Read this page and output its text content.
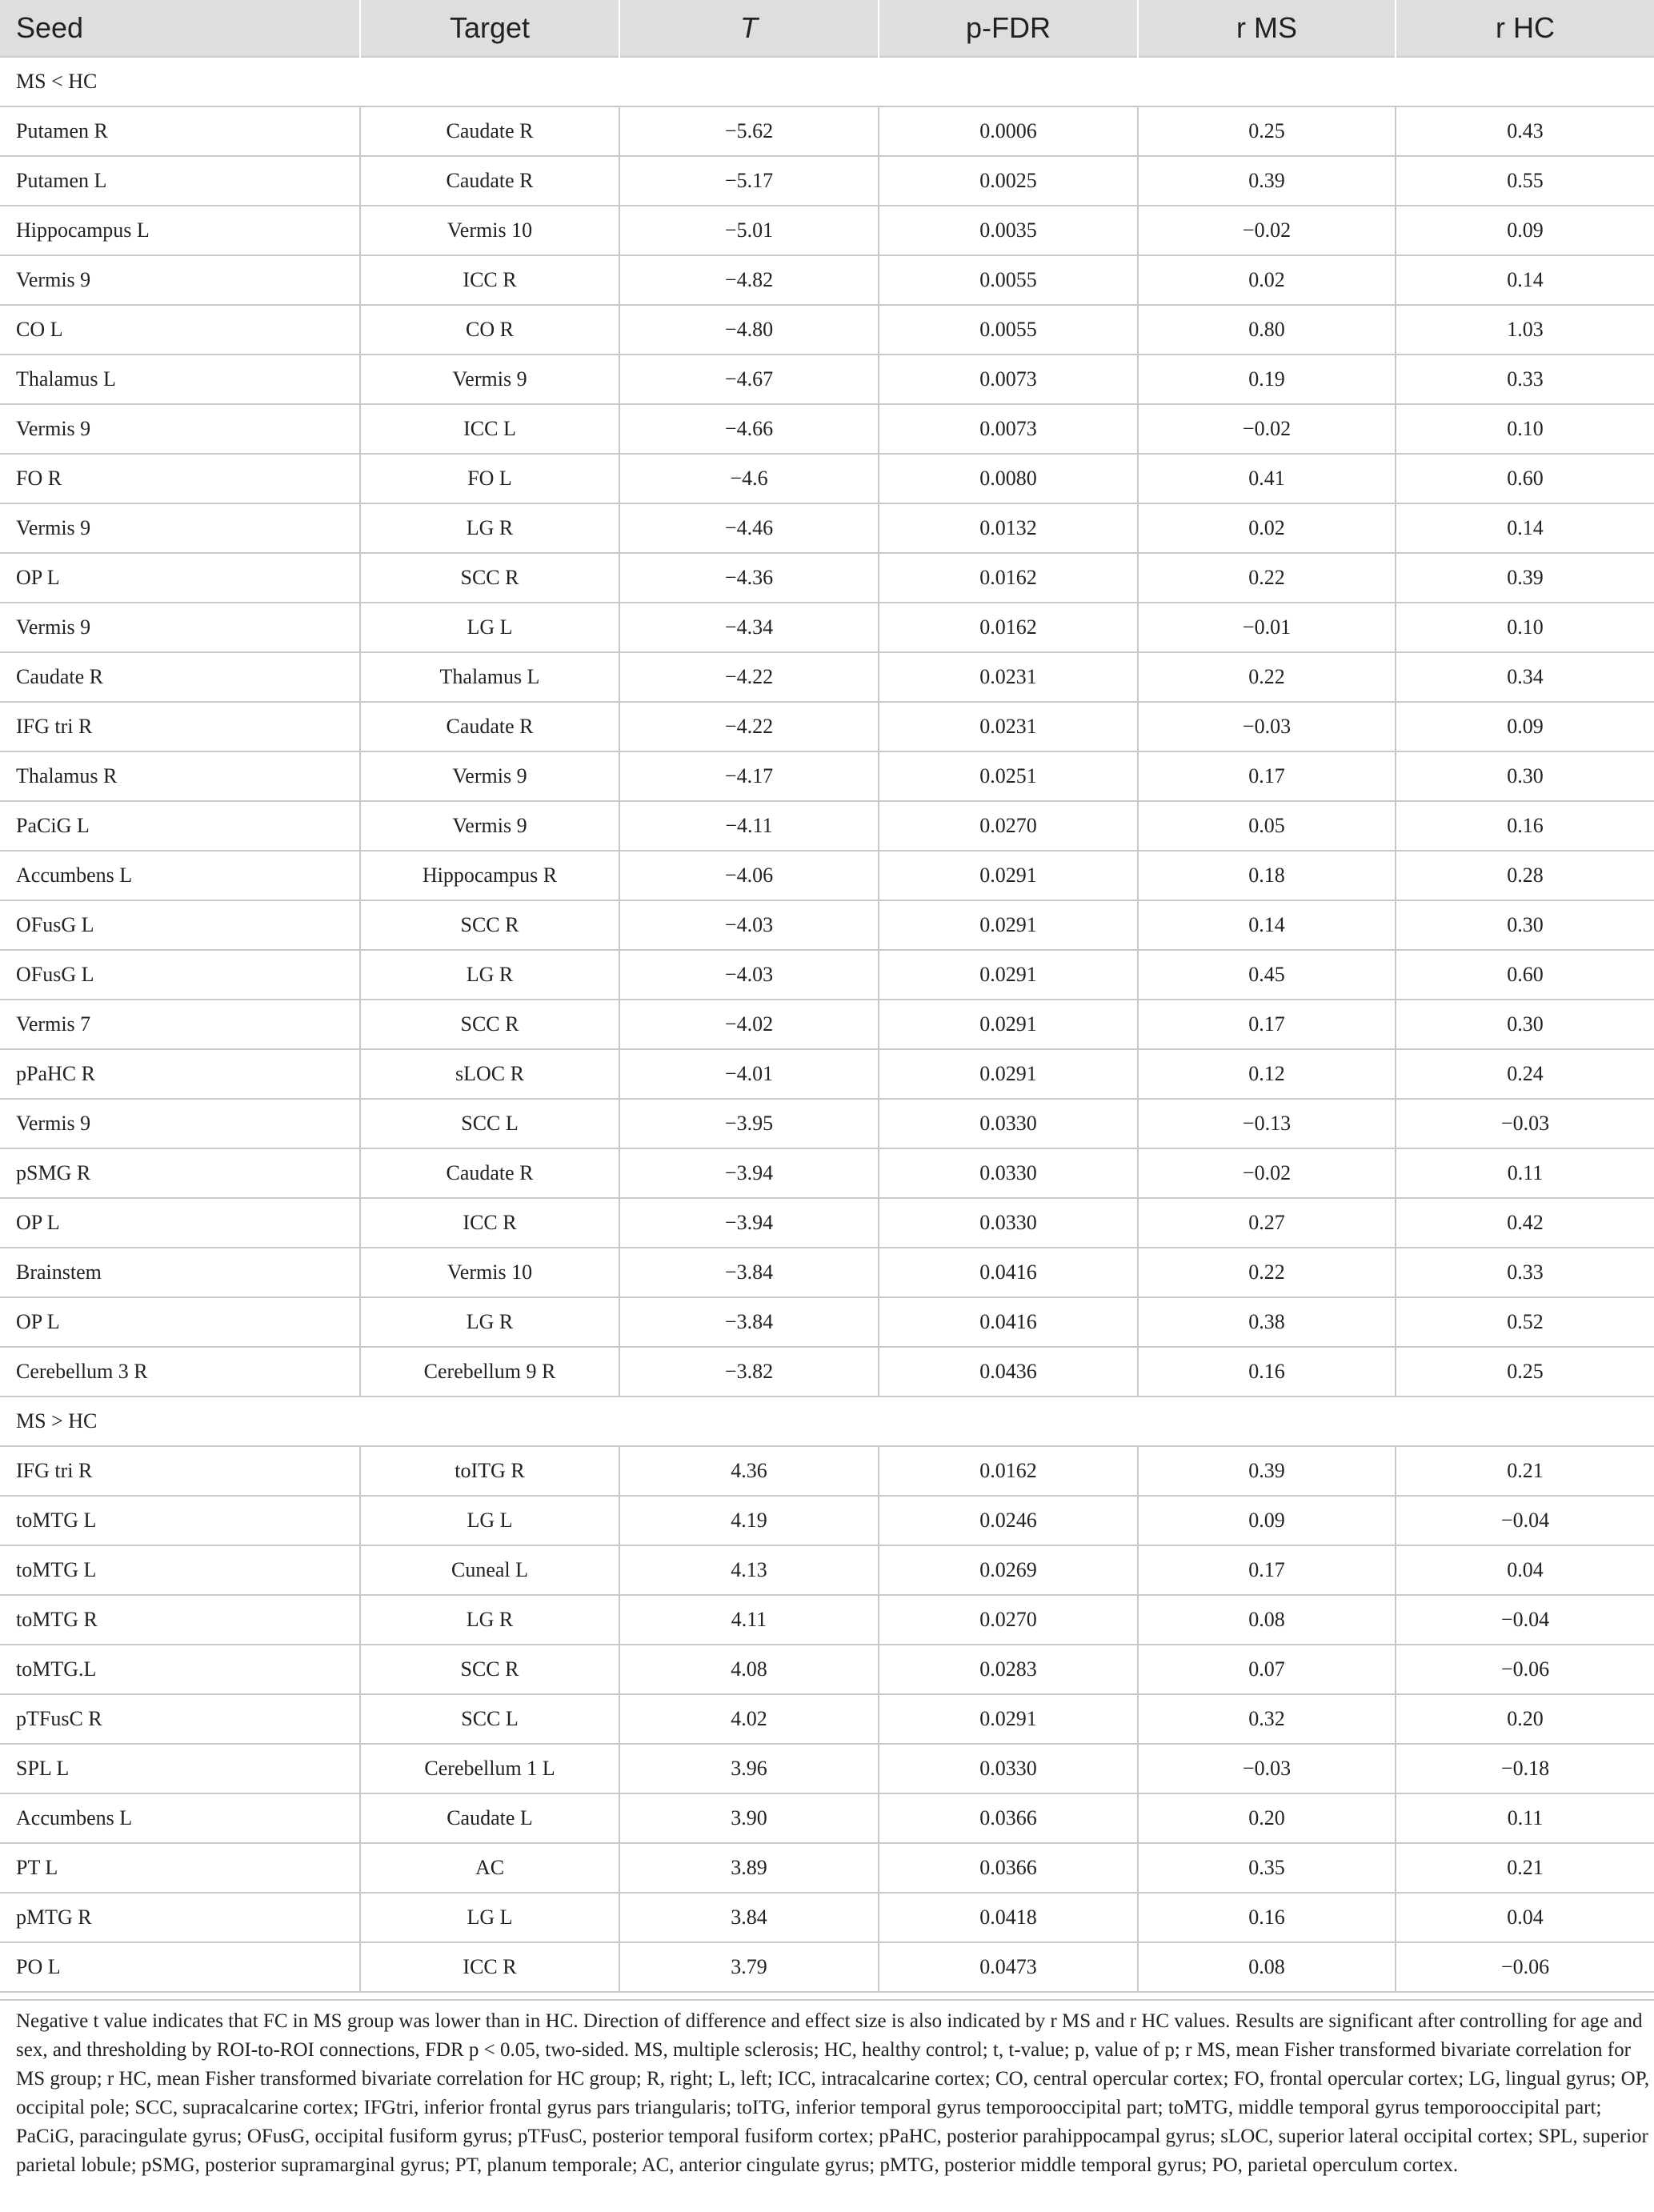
Seed	Target	T	p-FDR	r MS	r HC
MS < HC					
Putamen R	Caudate R	−5.62	0.0006	0.25	0.43
Putamen L	Caudate R	−5.17	0.0025	0.39	0.55
Hippocampus L	Vermis 10	−5.01	0.0035	−0.02	0.09
Vermis 9	ICC R	−4.82	0.0055	0.02	0.14
CO L	CO R	−4.80	0.0055	0.80	1.03
Thalamus L	Vermis 9	−4.67	0.0073	0.19	0.33
Vermis 9	ICC L	−4.66	0.0073	−0.02	0.10
FO R	FO L	−4.6	0.0080	0.41	0.60
Vermis 9	LG R	−4.46	0.0132	0.02	0.14
OP L	SCC R	−4.36	0.0162	0.22	0.39
Vermis 9	LG L	−4.34	0.0162	−0.01	0.10
Caudate R	Thalamus L	−4.22	0.0231	0.22	0.34
IFG tri R	Caudate R	−4.22	0.0231	−0.03	0.09
Thalamus R	Vermis 9	−4.17	0.0251	0.17	0.30
PaCiG L	Vermis 9	−4.11	0.0270	0.05	0.16
Accumbens L	Hippocampus R	−4.06	0.0291	0.18	0.28
OFusG L	SCC R	−4.03	0.0291	0.14	0.30
OFusG L	LG R	−4.03	0.0291	0.45	0.60
Vermis 7	SCC R	−4.02	0.0291	0.17	0.30
pPaHC R	sLOC R	−4.01	0.0291	0.12	0.24
Vermis 9	SCC L	−3.95	0.0330	−0.13	−0.03
pSMG R	Caudate R	−3.94	0.0330	−0.02	0.11
OP L	ICC R	−3.94	0.0330	0.27	0.42
Brainstem	Vermis 10	−3.84	0.0416	0.22	0.33
OP L	LG R	−3.84	0.0416	0.38	0.52
Cerebellum 3 R	Cerebellum 9 R	−3.82	0.0436	0.16	0.25
MS > HC					
IFG tri R	toITG R	4.36	0.0162	0.39	0.21
toMTG L	LG L	4.19	0.0246	0.09	−0.04
toMTG L	Cuneal L	4.13	0.0269	0.17	0.04
toMTG R	LG R	4.11	0.0270	0.08	−0.04
toMTG.L	SCC R	4.08	0.0283	0.07	−0.06
pTFusC R	SCC L	4.02	0.0291	0.32	0.20
SPL L	Cerebellum 1 L	3.96	0.0330	−0.03	−0.18
Accumbens L	Caudate L	3.90	0.0366	0.20	0.11
PT L	AC	3.89	0.0366	0.35	0.21
pMTG R	LG L	3.84	0.0418	0.16	0.04
PO L	ICC R	3.79	0.0473	0.08	−0.06
Negative t value indicates that FC in MS group was lower than in HC. Direction of difference and effect size is also indicated by r MS and r HC values. Results are significant after controlling for age and sex, and thresholding by ROI-to-ROI connections, FDR p < 0.05, two-sided. MS, multiple sclerosis; HC, healthy control; t, t-value; p, value of p; r MS, mean Fisher transformed bivariate correlation for MS group; r HC, mean Fisher transformed bivariate correlation for HC group; R, right; L, left; ICC, intracalcarine cortex; CO, central opercular cortex; FO, frontal opercular cortex; LG, lingual gyrus; OP, occipital pole; SCC, supracalcarine cortex; IFGtri, inferior frontal gyrus pars triangularis; toITG, inferior temporal gyrus temporooccipital part; toMTG, middle temporal gyrus temporooccipital part; PaCiG, paracingulate gyrus; OFusG, occipital fusiform gyrus; pTFusC, posterior temporal fusiform cortex; pPaHC, posterior parahippocampal gyrus; sLOC, superior lateral occipital cortex; SPL, superior parietal lobule; pSMG, posterior supramarginal gyrus; PT, planum temporale; AC, anterior cingulate gyrus; pMTG, posterior middle temporal gyrus; PO, parietal operculum cortex.
